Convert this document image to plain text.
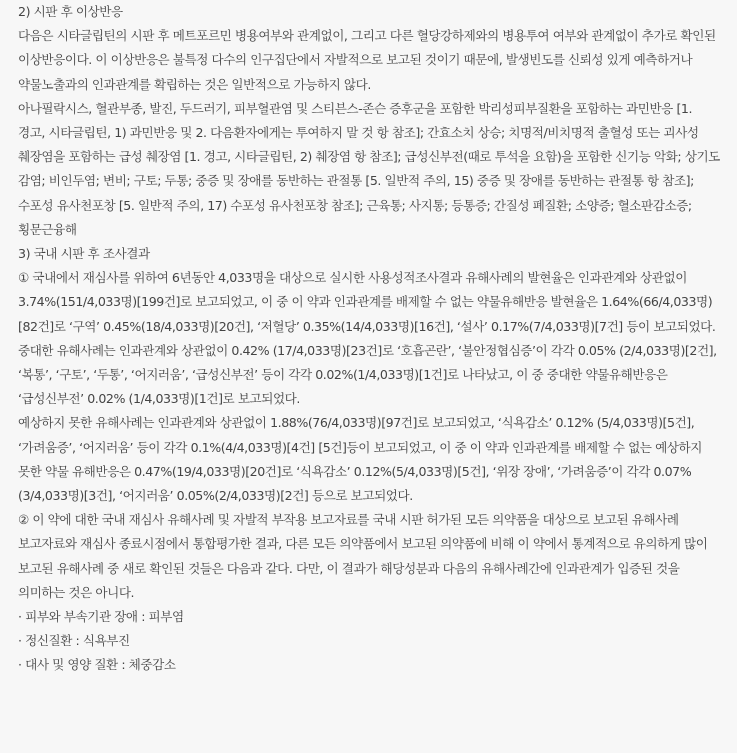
2) 시판 후 이상반응

다음은 시타글립틴의 시판 후 메트포르민 병용여부와 관계없이, 그리고 다른 혈당강하제와의 병용투여 여부와 관계없이 추가로 확인된 이상반응이다. 이 이상반응은 불특정 다수의 인구집단에서 자발적으로 보고된 것이기 때문에, 발생빈도를 신뢰성 있게 예측하거나 약물노출과의 인과관계를 확립하는 것은 일반적으로 가능하지 않다.

아나필락시스, 혈관부종, 발진, 두드러기, 피부혈관염 및 스티븐스-존슨 증후군을 포함한 박리성피부질환을 포함하는 과민반응 [1. 경고, 시타글립틴, 1) 과민반응 및 2. 다음환자에게는 투여하지 말 것 항 참조]; 간효소치 상승; 치명적/비치명적 출혈성 또는 괴사성 췌장염을 포함하는 급성 췌장염 [1. 경고, 시타글립틴, 2) 췌장염 항 참조]; 급성신부전(때로 투석을 요함)을 포함한 신기능 악화; 상기도 감염; 비인두염; 변비; 구토; 두통; 중증 및 장애를 동반하는 관절통 [5. 일반적 주의, 15) 중증 및 장애를 동반하는 관절통 항 참조]; 수포성 유사천포창 [5. 일반적 주의, 17) 수포성 유사천포창 참조]; 근육통; 사지통; 등통증; 간질성 폐질환; 소양증; 혈소판감소증; 횡문근융해

3) 국내 시판 후 조사결과

① 국내에서 재심사를 위하여 6년동안 4,033명을 대상으로 실시한 사용성적조사결과 유해사례의 발현율은 인과관계와 상관없이 3.74%(151/4,033명)[199건]로 보고되었고, 이 중 이 약과 인과관계를 배제할 수 없는 약물유해반응 발현율은 1.64%(66/4,033명)[82건]로 ‘구역’ 0.45%(18/4,033명)[20건], ‘저혈당’ 0.35%(14/4,033명)[16건], ‘설사’ 0.17%(7/4,033명)[7건] 등이 보고되었다.

중대한 유해사례는 인과관계와 상관없이 0.42% (17/4,033명)[23건]로 ‘호흡곤란’, ‘불안정협심증’이 각각 0.05% (2/4,033명)[2건], ‘복통’, ‘구토’, ‘두통’, ‘어지러움’, ‘급성신부전’ 등이 각각 0.02%(1/4,033명)[1건]로 나타났고, 이 중 중대한 약물유해반응은 ‘급성신부전’ 0.02% (1/4,033명)[1건]로 보고되었다.

예상하지 못한 유해사례는 인과관계와 상관없이 1.88%(76/4,033명)[97건]로 보고되었고, ‘식욕감소’ 0.12% (5/4,033명)[5건], ‘가려움증’, ‘어지러움’ 등이 각각 0.1%(4/4,033명)[4건] [5건]등이 보고되었고, 이 중 이 약과 인과관계를 배제할 수 없는 예상하지 못한 약물 유해반응은 0.47%(19/4,033명)[20건]로 ‘식욕감소’ 0.12%(5/4,033명)[5건], ‘위장 장애’, ‘가려움증’이 각각 0.07%(3/4,033명)[3건], ‘어지러움’ 0.05%(2/4,033명)[2건] 등으로 보고되었다.

② 이 약에 대한 국내 재심사 유해사례 및 자발적 부작용 보고자료를 국내 시판 허가된 모든 의약품을 대상으로 보고된 유해사례 보고자료와 재심사 종료시점에서 통합평가한 결과, 다른 모든 의약품에서 보고된 의약품에 비해 이 약에서 통계적으로 유의하게 많이 보고된 유해사례 중 새로 확인된 것들은 다음과 같다. 다만, 이 결과가 해당성분과 다음의 유해사례간에 인과관계가 입증된 것을 의미하는 것은 아니다.

· 피부와 부속기관 장애 : 피부염

· 정신질환 : 식욕부진

· 대사 및 영양 질환 : 체중감소
